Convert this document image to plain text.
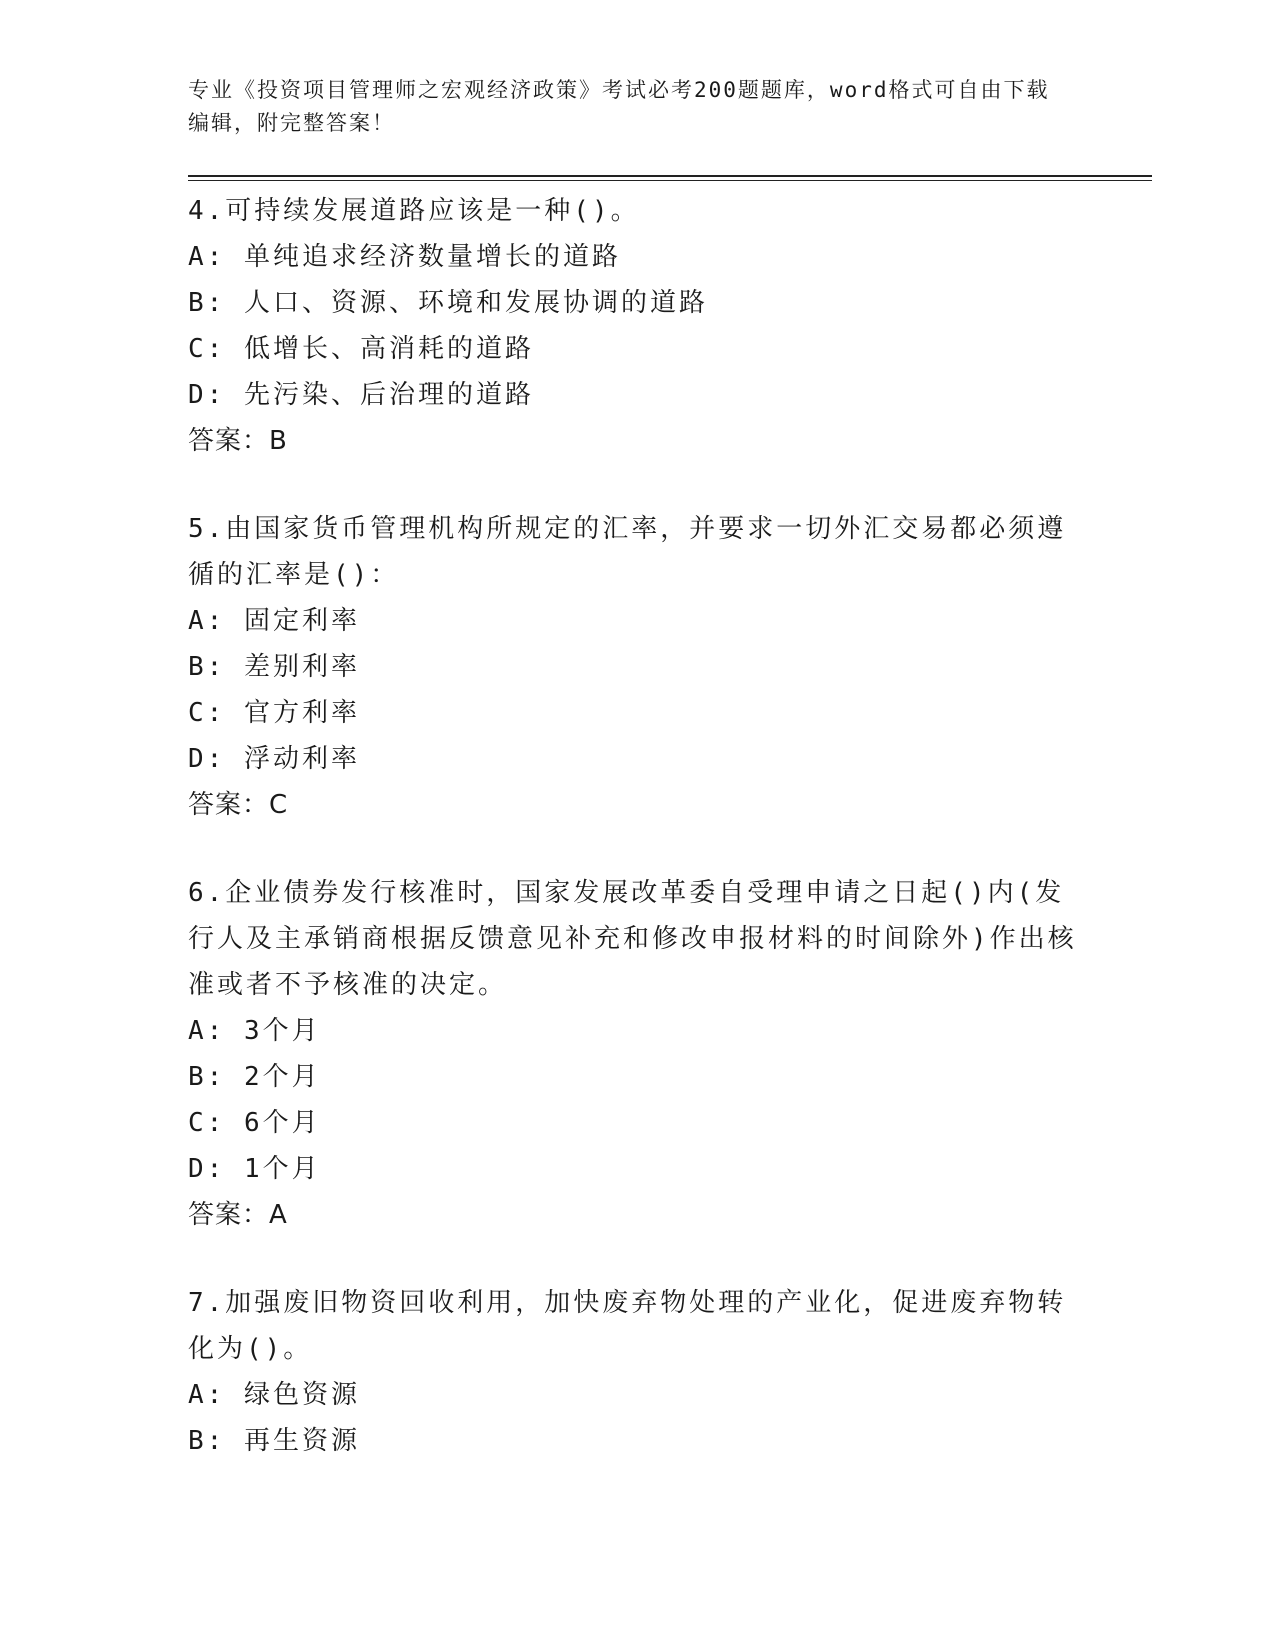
专业《投资项目管理师之宏观经济政策》考试必考200题题库，word格式可自由下载编辑，附完整答案！
4.可持续发展道路应该是一种()。
A: 单纯追求经济数量增长的道路
B: 人口、资源、环境和发展协调的道路
C: 低增长、高消耗的道路
D: 先污染、后治理的道路
答案：B
5.由国家货币管理机构所规定的汇率，并要求一切外汇交易都必须遵循的汇率是()：
A: 固定利率
B: 差别利率
C: 官方利率
D: 浮动利率
答案：C
6.企业债券发行核准时，国家发展改革委自受理申请之日起()内(发行人及主承销商根据反馈意见补充和修改申报材料的时间除外)作出核准或者不予核准的决定。
A: 3个月
B: 2个月
C: 6个月
D: 1个月
答案：A
7.加强废旧物资回收利用，加快废弃物处理的产业化，促进废弃物转化为()。
A: 绿色资源
B: 再生资源
